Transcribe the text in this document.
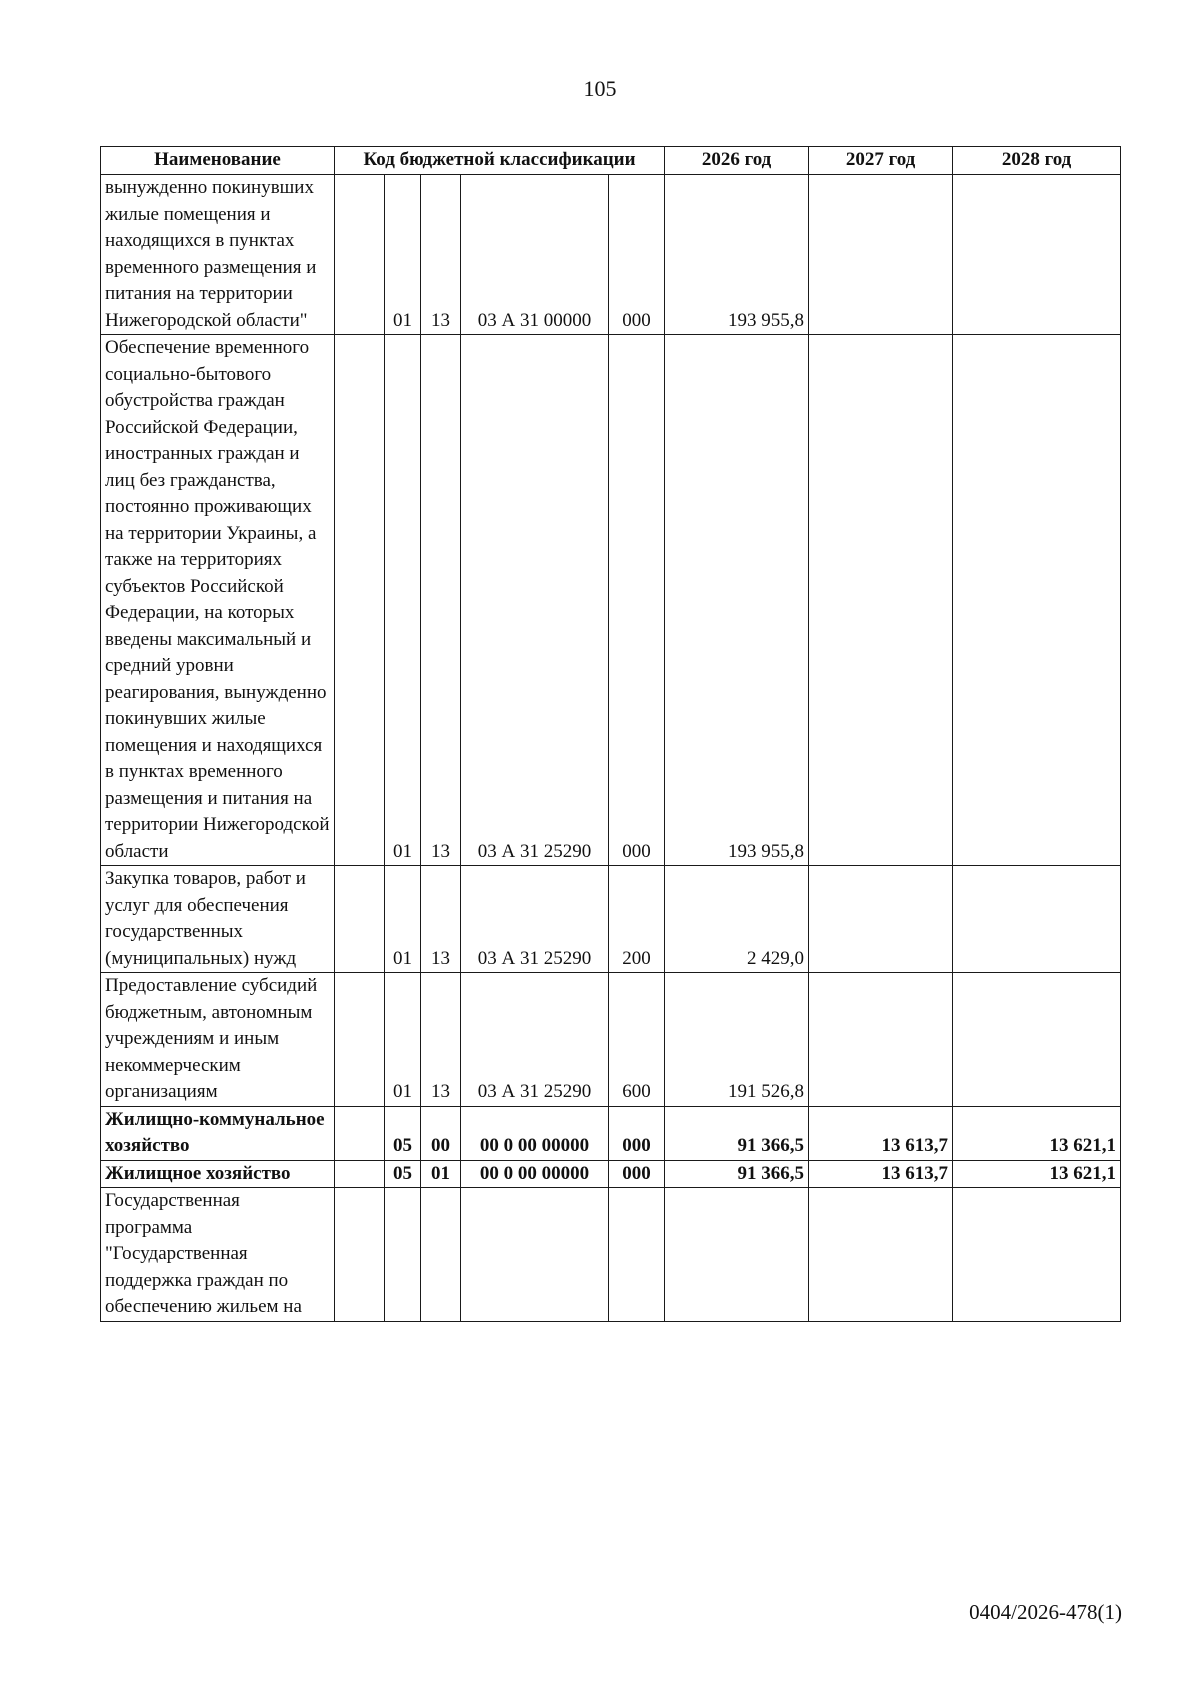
105
Наименование	Код бюджетной классификации					2026 год	2027 год	2028 год
вынужденно покинувших жилые помещения и находящихся в пунктах временного размещения и питания на территории Нижегородской области"		01	13	03 А 31 00000	000	193 955,8		
Обеспечение временного социально-бытового обустройства граждан Российской Федерации, иностранных граждан и лиц без гражданства, постоянно проживающих на территории Украины, а также на территориях субъектов Российской Федерации, на которых введены максимальный и средний уровни реагирования, вынужденно покинувших жилые помещения и находящихся в пунктах временного размещения и питания на территории Нижегородской области		01	13	03 А 31 25290	000	193 955,8		
Закупка товаров, работ и услуг для обеспечения государственных (муниципальных) нужд		01	13	03 А 31 25290	200	2 429,0		
Предоставление субсидий бюджетным, автономным учреждениям и иным некоммерческим организациям		01	13	03 А 31 25290	600	191 526,8		
Жилищно-коммунальное хозяйство		05	00	00 0 00 00000	000	91 366,5	13 613,7	13 621,1
Жилищное хозяйство		05	01	00 0 00 00000	000	91 366,5	13 613,7	13 621,1
Государственная программа "Государственная поддержка граждан по обеспечению жильем на								
0404/2026-478(1)
